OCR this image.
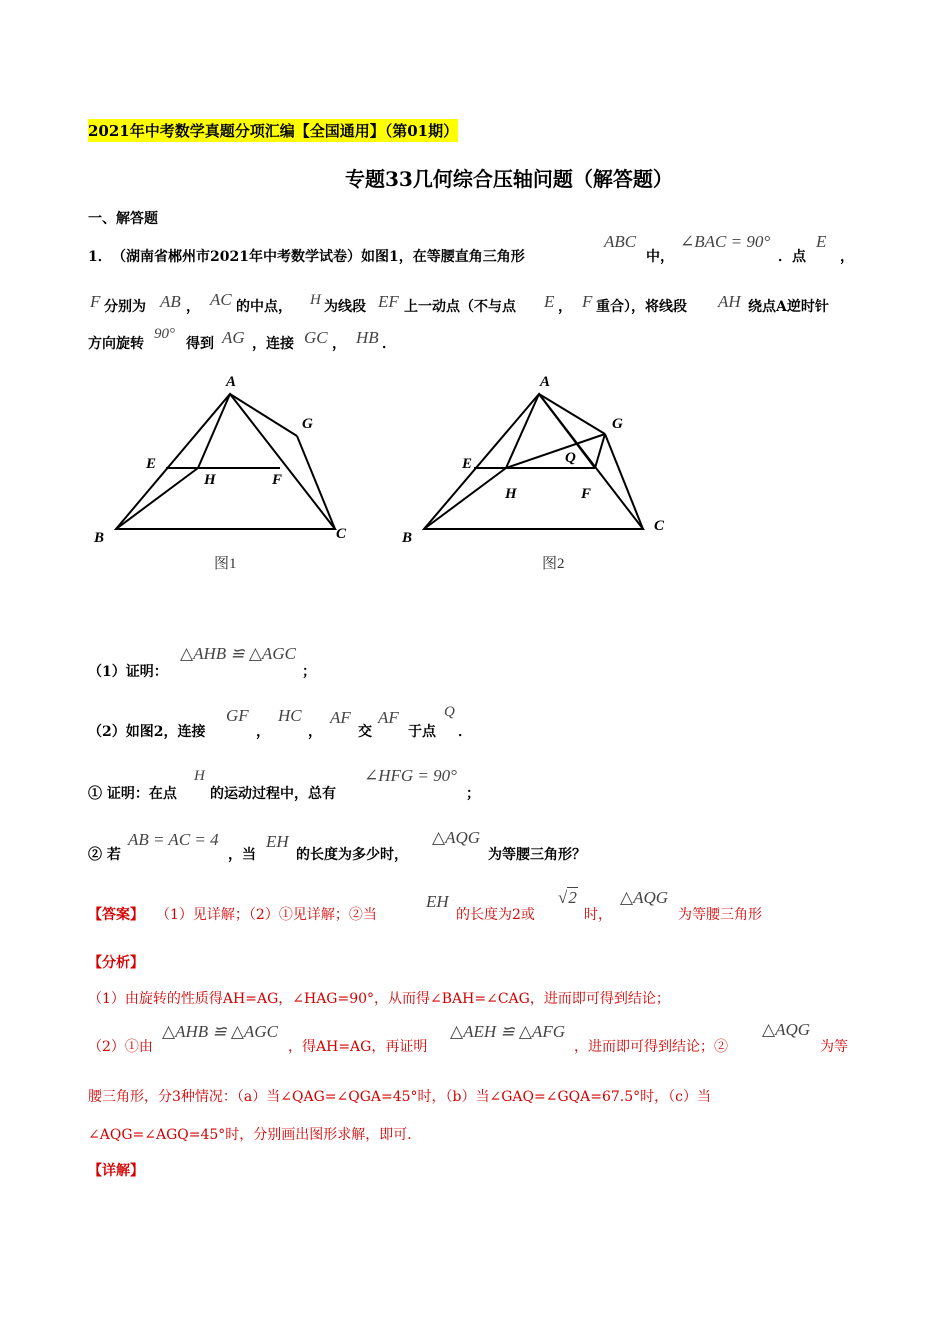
2021年中考数学真题分项汇编【全国通用】（第01期）
专题33几何综合压轴问题（解答题）
一、解答题
1． （湖南省郴州市2021年中考数学试卷）如图1，在等腰直角三角形
ABC
中，
∠BAC = 90°
．点
E
，
F 分别为 AB ， AC 的中点， H 为线段 EF 上一动点（不与点 E ， F 重合），将线段 AH 绕点A逆时针
方向旋转
90°
得到 AG ，连接 GC ， HB ．
A
B	C
E
F
G
H
图1
A
B
C
E
F
G
H
Q
图2
（1）证明：
△AHB ≌ △AGC
；
（2）如图2，连接
GF
，
HC
，
AF
交
AF
于点
Q
．
① 证明：在点
H
的运动过程中，总有
∠HFG = 90°
；
② 若
AB = AC = 4
，当
EH
的长度为多少时，
△AQG
为等腰三角形？
【答案】 （1）见详解；（2）①见详解；②当
EH
的长度为2或
√2
时，
△AQG
为等腰三角形
【分析】
（1）由旋转的性质得AH=AG，∠HAG=90°，从而得∠BAH=∠CAG，进而即可得到结论；
（2）①由
△AHB ≌ △AGC
，得AH=AG，再证明
△AEH ≌ △AFG
，进而即可得到结论；②
△AQG
为等
腰三角形，分3种情况：（a）当∠QAG=∠QGA=45°时，（b）当∠GAQ=∠GQA=67.5°时，（c）当
∠AQG=∠AGQ=45°时，分别画出图形求解，即可．
【详解】
